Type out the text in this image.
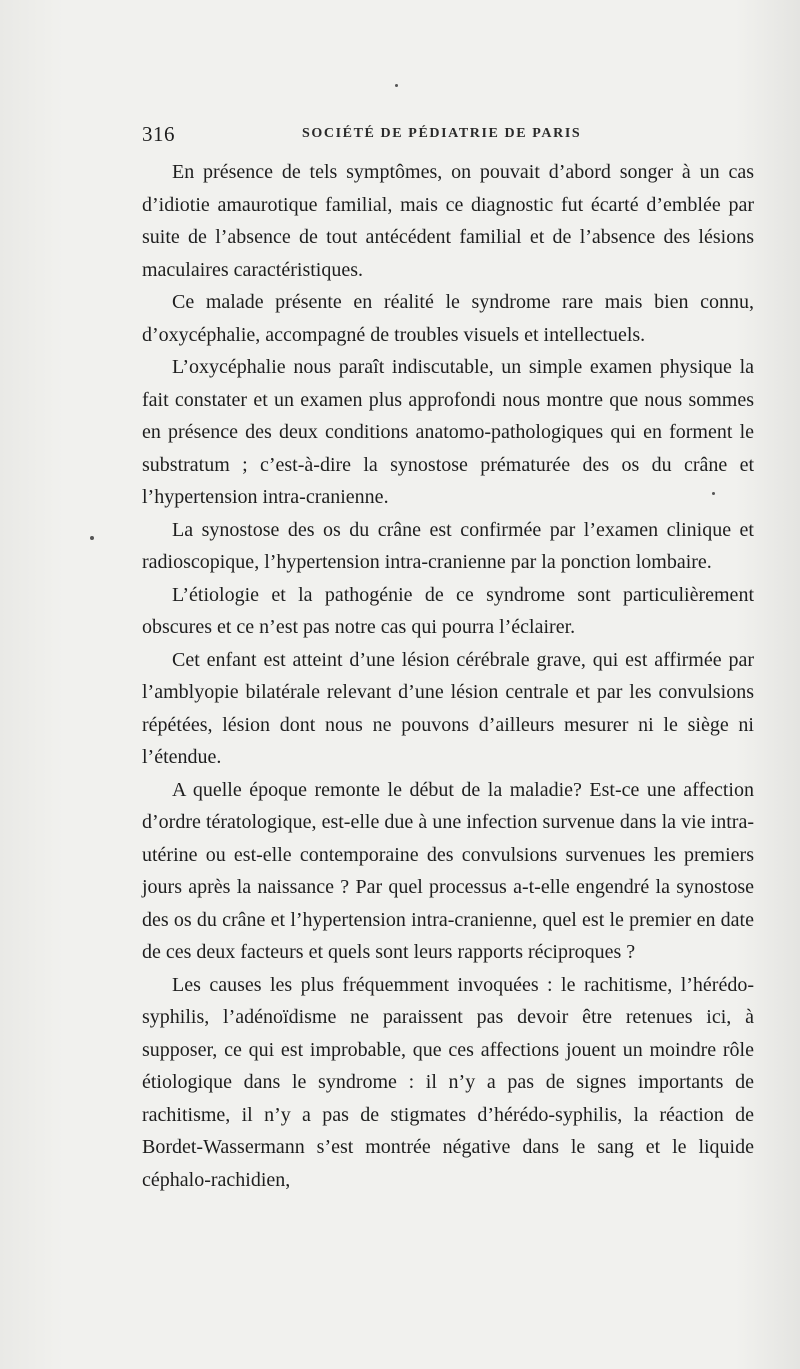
316	SOCIÉTÉ DE PÉDIATRIE DE PARIS

En présence de tels symptômes, on pouvait d’abord songer à un cas d’idiotie amaurotique familial, mais ce diagnostic fut écarté d’emblée par suite de l’absence de tout antécédent familial et de l’absence des lésions maculaires caractéristiques.

Ce malade présente en réalité le syndrome rare mais bien connu, d’oxycéphalie, accompagné de troubles visuels et intellectuels.

L’oxycéphalie nous paraît indiscutable, un simple examen physique la fait constater et un examen plus approfondi nous montre que nous sommes en présence des deux conditions anatomo-pathologiques qui en forment le substratum ; c’est-à-dire la synostose prématurée des os du crâne et l’hypertension intra-cranienne.

La synostose des os du crâne est confirmée par l’examen clinique et radioscopique, l’hypertension intra-cranienne par la ponction lombaire.

L’étiologie et la pathogénie de ce syndrome sont particulièrement obscures et ce n’est pas notre cas qui pourra l’éclairer.

Cet enfant est atteint d’une lésion cérébrale grave, qui est affirmée par l’amblyopie bilatérale relevant d’une lésion centrale et par les convulsions répétées, lésion dont nous ne pouvons d’ailleurs mesurer ni le siège ni l’étendue.

A quelle époque remonte le début de la maladie? Est-ce une affection d’ordre tératologique, est-elle due à une infection survenue dans la vie intra-utérine ou est-elle contemporaine des convulsions survenues les premiers jours après la naissance ? Par quel processus a-t-elle engendré la synostose des os du crâne et l’hypertension intra-cranienne, quel est le premier en date de ces deux facteurs et quels sont leurs rapports réciproques ?

Les causes les plus fréquemment invoquées : le rachitisme, l’hérédo-syphilis, l’adénoïdisme ne paraissent pas devoir être retenues ici, à supposer, ce qui est improbable, que ces affections jouent un moindre rôle étiologique dans le syndrome : il n’y a pas de signes importants de rachitisme, il n’y a pas de stigmates d’hérédo-syphilis, la réaction de Bordet-Wassermann s’est montrée négative dans le sang et le liquide céphalo-rachidien,
